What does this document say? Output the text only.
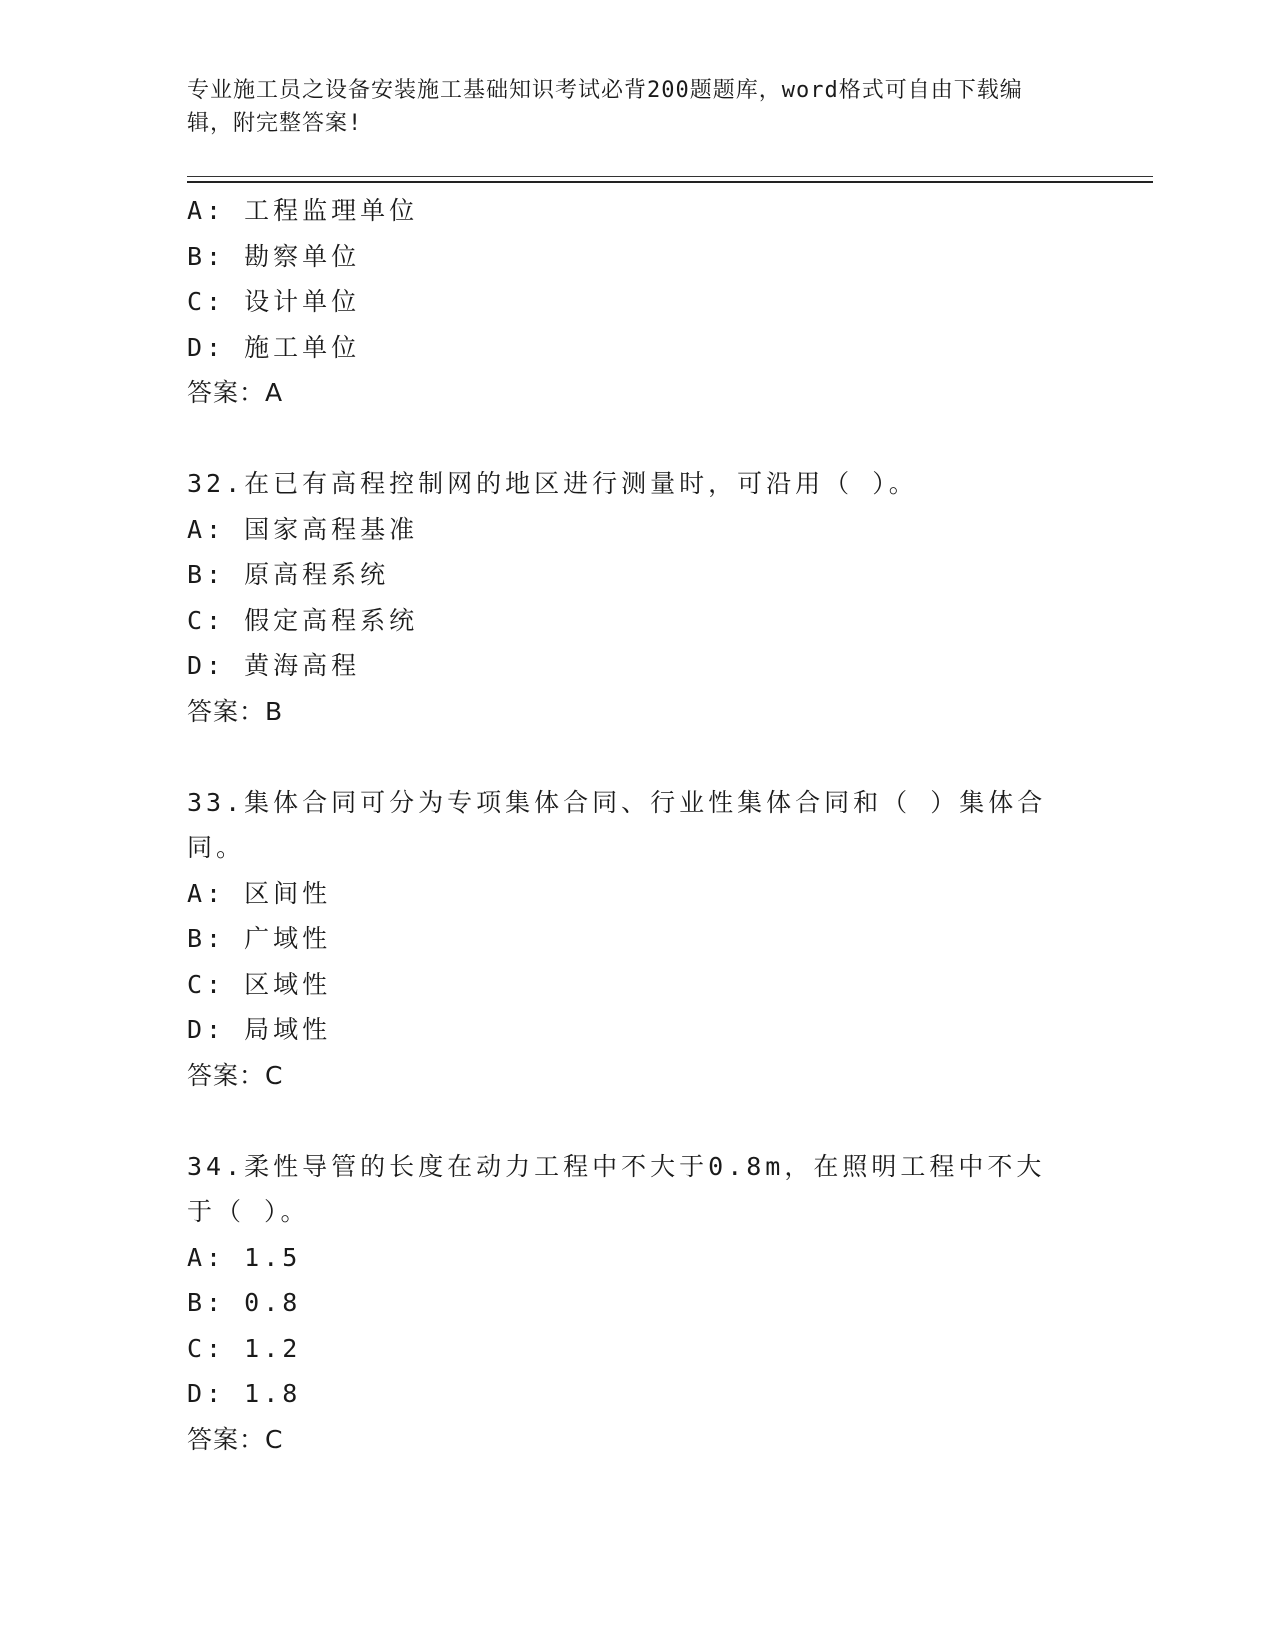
专业施工员之设备安装施工基础知识考试必背200题题库，word格式可自由下载编辑，附完整答案!
A: 工程监理单位
B: 勘察单位
C: 设计单位
D: 施工单位
答案：A
32.在已有高程控制网的地区进行测量时，可沿用（ ）。
A: 国家高程基准
B: 原高程系统
C: 假定高程系统
D: 黄海高程
答案：B
33.集体合同可分为专项集体合同、行业性集体合同和（ ）集体合同。
A: 区间性
B: 广域性
C: 区域性
D: 局域性
答案：C
34.柔性导管的长度在动力工程中不大于0.8m，在照明工程中不大于（ ）。
A: 1.5
B: 0.8
C: 1.2
D: 1.8
答案：C
